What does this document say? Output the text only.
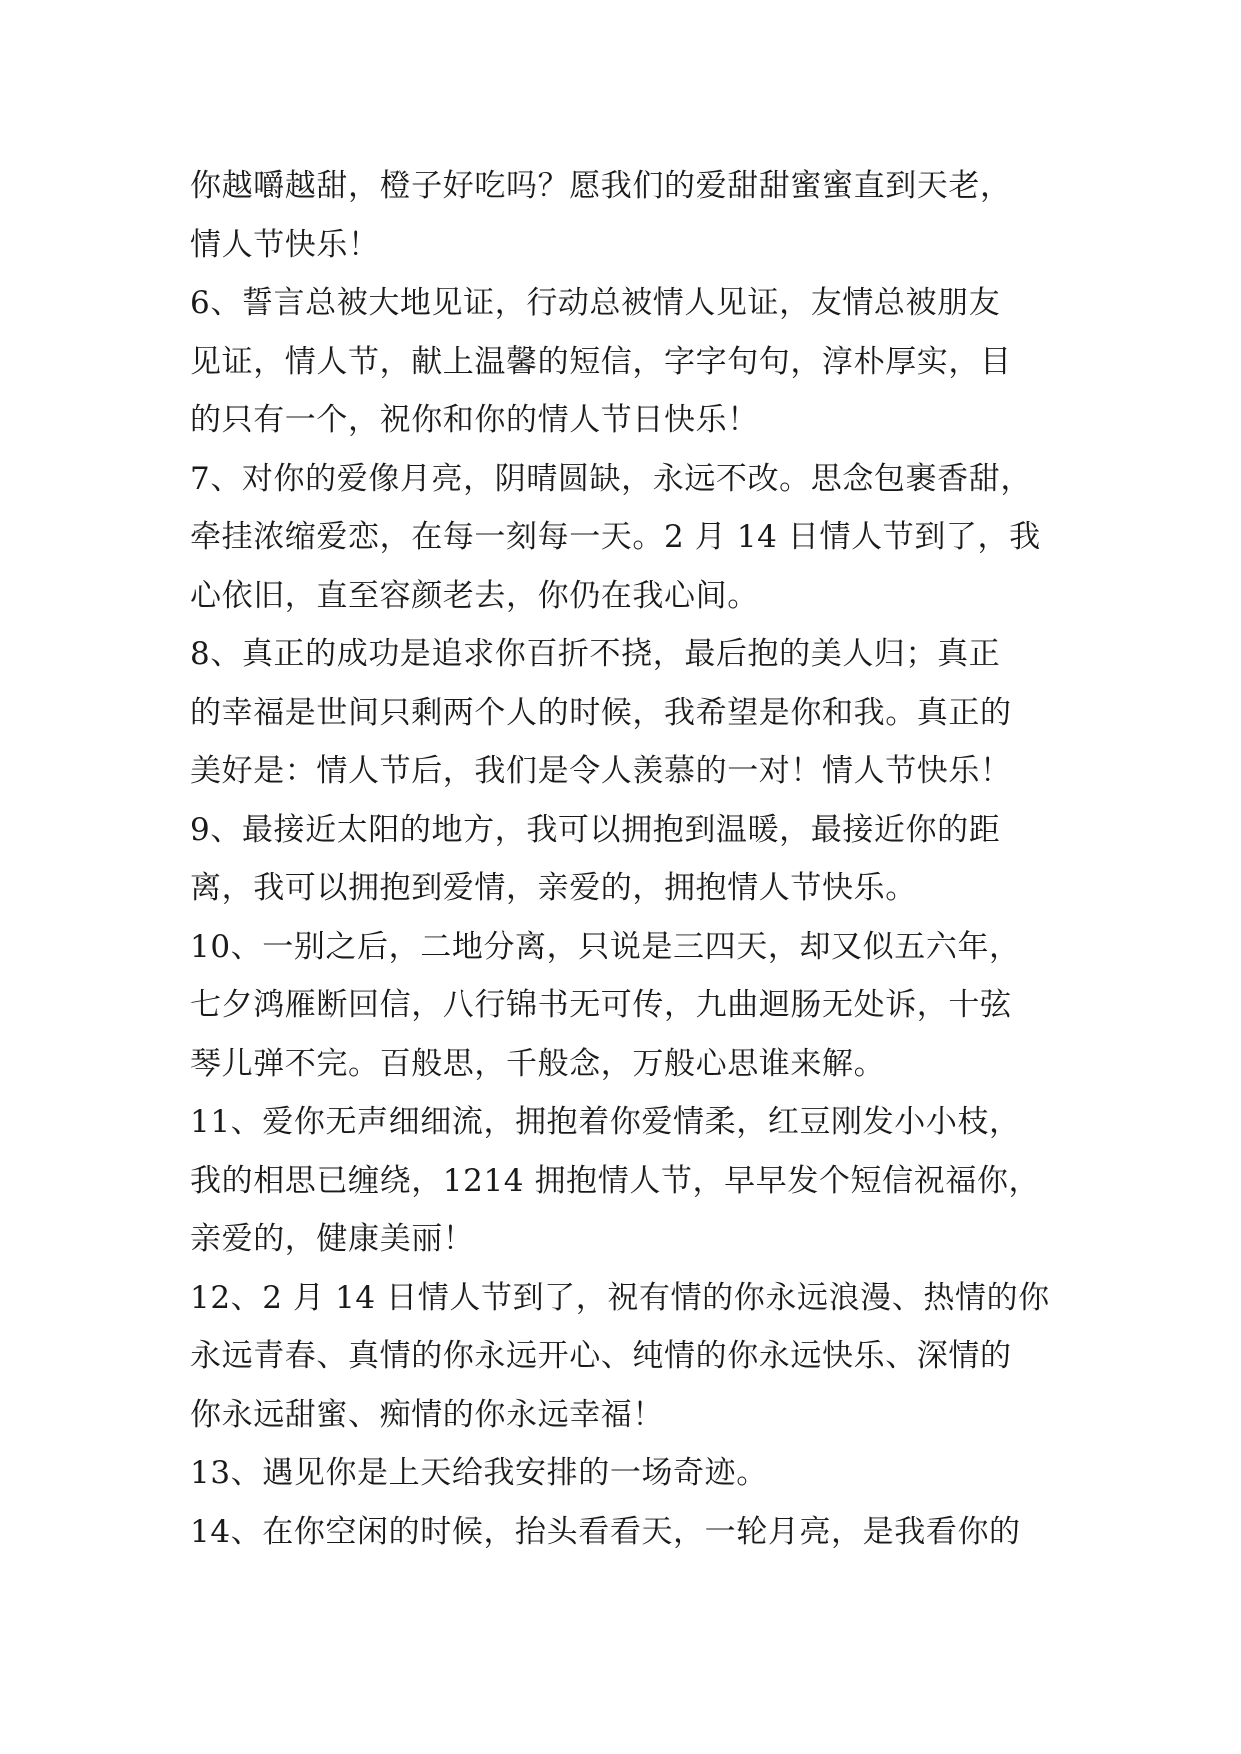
你越嚼越甜，橙子好吃吗？愿我们的爱甜甜蜜蜜直到天老，
情人节快乐！
6、誓言总被大地见证，行动总被情人见证，友情总被朋友
见证，情人节，献上温馨的短信，字字句句，淳朴厚实，目
的只有一个，祝你和你的情人节日快乐！
7、对你的爱像月亮，阴晴圆缺，永远不改。思念包裹香甜，
牵挂浓缩爱恋，在每一刻每一天。2 月 14 日情人节到了，我
心依旧，直至容颜老去，你仍在我心间。
8、真正的成功是追求你百折不挠，最后抱的美人归；真正
的幸福是世间只剩两个人的时候，我希望是你和我。真正的
美好是：情人节后，我们是令人羡慕的一对！情人节快乐！
9、最接近太阳的地方，我可以拥抱到温暖，最接近你的距
离，我可以拥抱到爱情，亲爱的，拥抱情人节快乐。
10、一别之后，二地分离，只说是三四天，却又似五六年，
七夕鸿雁断回信，八行锦书无可传，九曲迴肠无处诉，十弦
琴儿弹不完。百般思，千般念，万般心思谁来解。
11、爱你无声细细流，拥抱着你爱情柔，红豆刚发小小枝，
我的相思已缠绕，1214 拥抱情人节，早早发个短信祝福你，
亲爱的，健康美丽！
12、2 月 14 日情人节到了，祝有情的你永远浪漫、热情的你
永远青春、真情的你永远开心、纯情的你永远快乐、深情的
你永远甜蜜、痴情的你永远幸福！
13、遇见你是上天给我安排的一场奇迹。
14、在你空闲的时候，抬头看看天，一轮月亮，是我看你的
